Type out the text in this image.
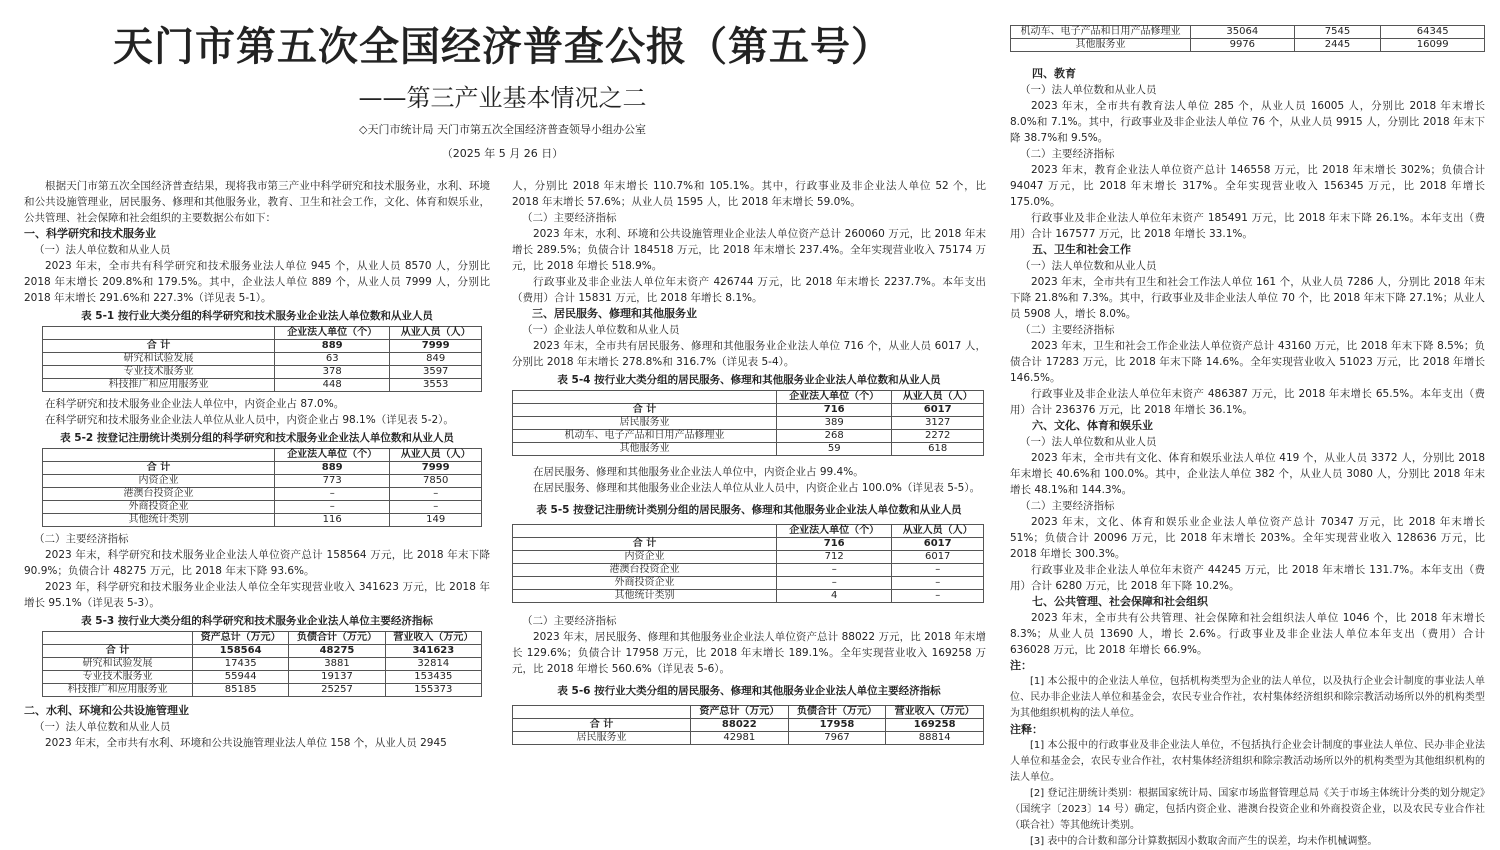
天门市第五次全国经济普查公报（第五号）
——第三产业基本情况之二
◇天门市统计局 天门市第五次全国经济普查领导小组办公室
（2025 年 5 月 26 日）
根据天门市第五次全国经济普查结果，现将我市第三产业中科学研究和技术服务业，水利、环境和公共设施管理业，居民服务、修理和其他服务业，教育、卫生和社会工作，文化、体育和娱乐业，公共管理、社会保障和社会组织的主要数据公布如下：
一、科学研究和技术服务业
（一）法人单位数和从业人员
2023 年末，全市共有科学研究和技术服务业法人单位 945 个，从业人员 8570 人，分别比 2018 年末增长 209.8%和 179.5%。其中，企业法人单位 889 个，从业人员 7999 人，分别比 2018 年末增长 291.6%和 227.3%（详见表 5-1）。
表 5-1 按行业大类分组的科学研究和技术服务业企业法人单位数和从业人员
	企业法人单位（个）	从业人员（人）
合 计	889	7999
研究和试验发展	63	849
专业技术服务业	378	3597
科技推广和应用服务业	448	3553
在科学研究和技术服务业企业法人单位中，内资企业占 87.0%。
在科学研究和技术服务业企业法人单位从业人员中，内资企业占 98.1%（详见表 5-2）。
表 5-2 按登记注册统计类别分组的科学研究和技术服务业企业法人单位数和从业人员
	企业法人单位（个）	从业人员（人）
合 计	889	7999
内资企业	773	7850
港澳台投资企业	–	–
外商投资企业	–	–
其他统计类别	116	149
（二）主要经济指标
2023 年末，科学研究和技术服务业企业法人单位资产总计 158564 万元，比 2018 年末下降 90.9%；负债合计 48275 万元，比 2018 年末下降 93.6%。
2023 年，科学研究和技术服务业企业法人单位全年实现营业收入 341623 万元，比 2018 年增长 95.1%（详见表 5-3）。
表 5-3 按行业大类分组的科学研究和技术服务业企业法人单位主要经济指标
	资产总计（万元）	负债合计（万元）	营业收入（万元）
合 计	158564	48275	341623
研究和试验发展	17435	3881	32814
专业技术服务业	55944	19137	153435
科技推广和应用服务业	85185	25257	155373
二、水利、环境和公共设施管理业
（一）法人单位数和从业人员
2023 年末，全市共有水利、环境和公共设施管理业法人单位 158 个，从业人员 2945
人，分别比 2018 年末增长 110.7%和 105.1%。其中，行政事业及非企业法人单位 52 个，比 2018 年末增长 57.6%；从业人员 1595 人，比 2018 年末增长 59.0%。
（二）主要经济指标
2023 年末，水利、环境和公共设施管理业企业法人单位资产总计 260060 万元，比 2018 年末增长 289.5%；负债合计 184518 万元，比 2018 年末增长 237.4%。全年实现营业收入 75174 万元，比 2018 年增长 518.9%。
行政事业及非企业法人单位年末资产 426744 万元，比 2018 年末增长 2237.7%。本年支出（费用）合计 15831 万元，比 2018 年增长 8.1%。
三、居民服务、修理和其他服务业
（一）企业法人单位数和从业人员
2023 年末，全市共有居民服务、修理和其他服务业企业法人单位 716 个，从业人员 6017 人，分别比 2018 年末增长 278.8%和 316.7%（详见表 5-4）。
表 5-4 按行业大类分组的居民服务、修理和其他服务业企业法人单位数和从业人员
	企业法人单位（个）	从业人员（人）
合 计	716	6017
居民服务业	389	3127
机动车、电子产品和日用产品修理业	268	2272
其他服务业	59	618
在居民服务、修理和其他服务业企业法人单位中，内资企业占 99.4%。
在居民服务、修理和其他服务业企业法人单位从业人员中，内资企业占 100.0%（详见表 5-5）。
表 5-5 按登记注册统计类别分组的居民服务、修理和其他服务业企业法人单位数和从业人员
	企业法人单位（个）	从业人员（人）
合 计	716	6017
内资企业	712	6017
港澳台投资企业	–	–
外商投资企业	–	–
其他统计类别	4	–
（二）主要经济指标
2023 年末，居民服务、修理和其他服务业企业法人单位资产总计 88022 万元，比 2018 年末增长 129.6%；负债合计 17958 万元，比 2018 年末增长 189.1%。全年实现营业收入 169258 万元，比 2018 年增长 560.6%（详见表 5-6）。
表 5-6 按行业大类分组的居民服务、修理和其他服务业企业法人单位主要经济指标
	资产总计（万元）	负债合计（万元）	营业收入（万元）
合 计	88022	17958	169258
居民服务业	42981	7967	88814
机动车、电子产品和日用产品修理业	35064	7545	64345
其他服务业	9976	2445	16099
四、教育
（一）法人单位数和从业人员
2023 年末，全市共有教育法人单位 285 个，从业人员 16005 人，分别比 2018 年末增长 8.0%和 7.1%。其中，行政事业及非企业法人单位 76 个，从业人员 9915 人，分别比 2018 年末下降 38.7%和 9.5%。
（二）主要经济指标
2023 年末，教育企业法人单位资产总计 146558 万元，比 2018 年末增长 302%；负债合计 94047 万元，比 2018 年末增长 317%。全年实现营业收入 156345 万元，比 2018 年增长 175.0%。
行政事业及非企业法人单位年末资产 185491 万元，比 2018 年末下降 26.1%。本年支出（费用）合计 167577 万元，比 2018 年增长 33.1%。
五、卫生和社会工作
（一）法人单位数和从业人员
2023 年末，全市共有卫生和社会工作法人单位 161 个，从业人员 7286 人，分别比 2018 年末下降 21.8%和 7.3%。其中，行政事业及非企业法人单位 70 个，比 2018 年末下降 27.1%；从业人员 5908 人，增长 8.0%。
（二）主要经济指标
2023 年末，卫生和社会工作企业法人单位资产总计 43160 万元，比 2018 年末下降 8.5%；负债合计 17283 万元，比 2018 年末下降 14.6%。全年实现营业收入 51023 万元，比 2018 年增长 146.5%。
行政事业及非企业法人单位年末资产 486387 万元，比 2018 年末增长 65.5%。本年支出（费用）合计 236376 万元，比 2018 年增长 36.1%。
六、文化、体育和娱乐业
（一）法人单位数和从业人员
2023 年末，全市共有文化、体育和娱乐业法人单位 419 个，从业人员 3372 人，分别比 2018 年末增长 40.6%和 100.0%。其中，企业法人单位 382 个，从业人员 3080 人，分别比 2018 年末增长 48.1%和 144.3%。
（二）主要经济指标
2023 年末，文化、体育和娱乐业企业法人单位资产总计 70347 万元，比 2018 年末增长 51%；负债合计 20096 万元，比 2018 年末增长 203%。全年实现营业收入 128636 万元，比 2018 年增长 300.3%。
行政事业及非企业法人单位年末资产 44245 万元，比 2018 年末增长 131.7%。本年支出（费用）合计 6280 万元，比 2018 年下降 10.2%。
七、公共管理、社会保障和社会组织
2023 年末，全市共有公共管理、社会保障和社会组织法人单位 1046 个，比 2018 年末增长 8.3%；从业人员 13690 人，增长 2.6%。行政事业及非企业法人单位本年支出（费用）合计 636028 万元，比 2018 年增长 66.9%。
注：
[1] 本公报中的企业法人单位，包括机构类型为企业的法人单位，以及执行企业会计制度的事业法人单位、民办非企业法人单位和基金会，农民专业合作社，农村集体经济组织和除宗教活动场所以外的机构类型为其他组织机构的法人单位。
注释：
[1] 本公报中的行政事业及非企业法人单位，不包括执行企业会计制度的事业法人单位、民办非企业法人单位和基金会，农民专业合作社，农村集体经济组织和除宗教活动场所以外的机构类型为其他组织机构的法人单位。
[2] 登记注册统计类别：根据国家统计局、国家市场监督管理总局《关于市场主体统计分类的划分规定》（国统字〔2023〕14 号）确定，包括内资企业、港澳台投资企业和外商投资企业，以及农民专业合作社（联合社）等其他统计类别。
[3] 表中的合计数和部分计算数据因小数取舍而产生的误差，均未作机械调整。
